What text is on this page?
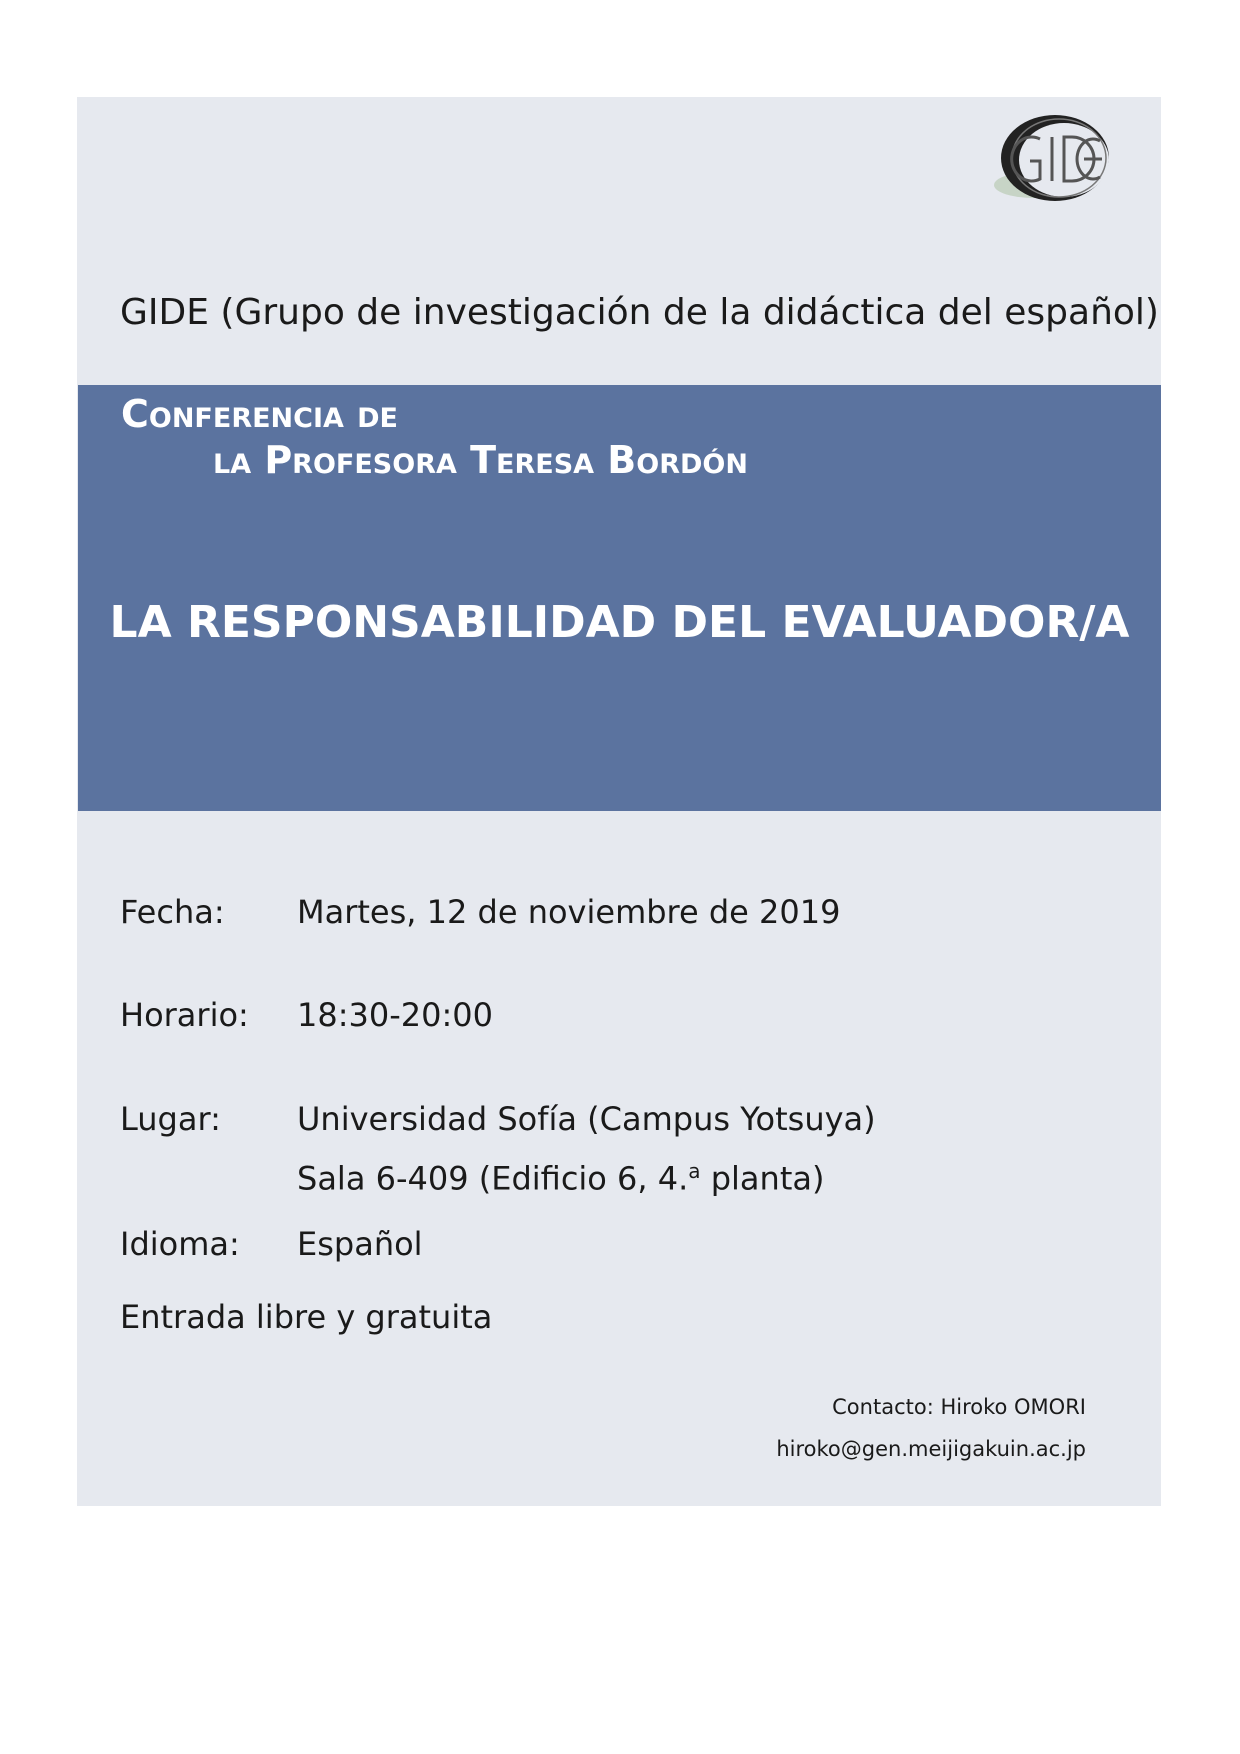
GIDE (Grupo de investigación de la didáctica del español)
Conferencia de
la Profesora Teresa Bordón
LA RESPONSABILIDAD DEL EVALUADOR/A
Fecha: Martes, 12 de noviembre de 2019
Horario: 18:30-20:00
Lugar: Universidad Sofía (Campus Yotsuya)
Sala 6-409 (Edificio 6, 4.$^a$ planta)
Idioma: Español
Entrada libre y gratuita
Contacto: Hiroko OMORI
hiroko@gen.meijigakuin.ac.jp
